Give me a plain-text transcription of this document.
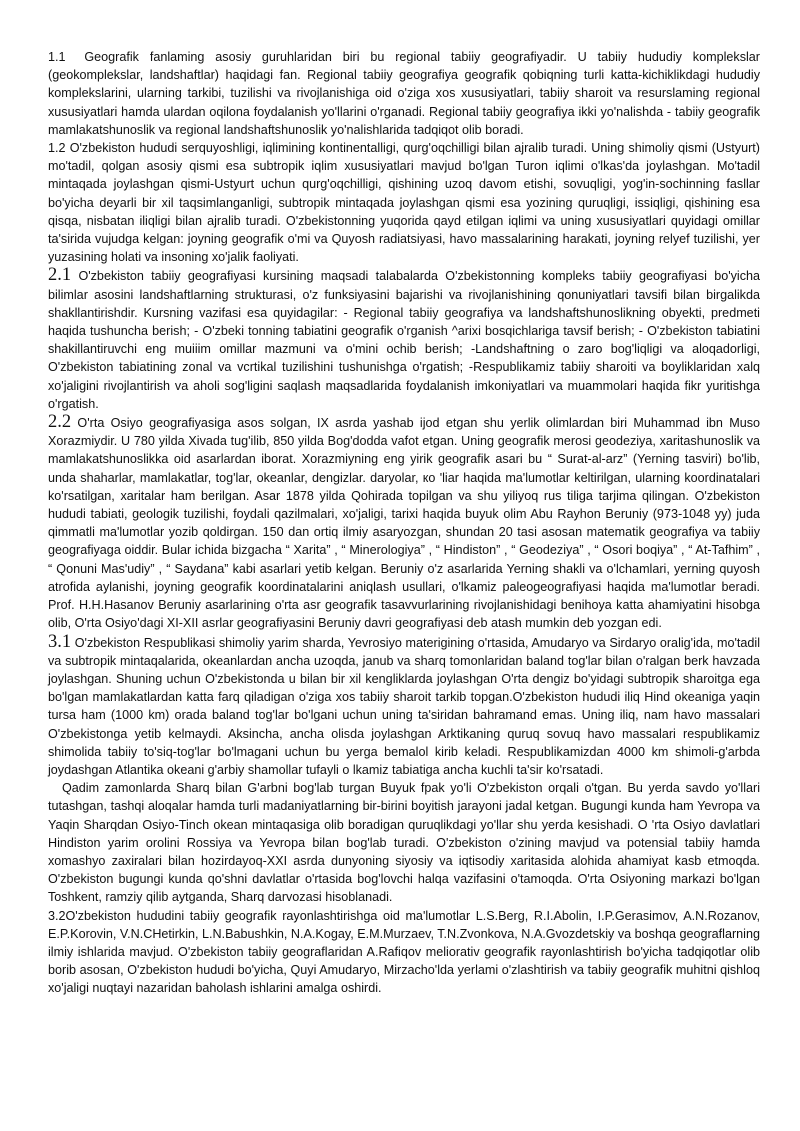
1.1 Geografik fanlaming asosiy guruhlaridan biri bu regional tabiiy geografiyadir. U tabiiy hududiy komplekslar (geokomplekslar, landshaftlar) haqidagi fan. Regional tabiiy geografiya geografik qobiqning turli katta-kichiklikdagi hududiy komplekslarini, ularning tarkibi, tuzilishi va rivojlanishiga oid o'ziga xos xususiyatlari, tabiiy sharoit va resurslaming regional xususiyatlari hamda ulardan oqilona foydalanish yo'llarini o'rganadi. Regional tabiiy geografiya ikki yo'nalishda - tabiiy geografik mamlakatshunoslik va regional landshaftshunoslik yo'nalishlarida tadqiqot olib boradi.

1.2 O'zbekiston hududi serquyoshligi, iqlimining kontinentalligi, qurg'oqchilligi bilan ajralib turadi. Uning shimoliy qismi (Ustyurt) mo'tadil, qolgan asosiy qismi esa subtropik iqlim xususiyatlari mavjud bo'lgan Turon iqlimi o'lkas'da joylashgan. Mo'tadil mintaqada joylashgan qismi-Ustyurt uchun qurg'oqchilligi, qishining uzoq davom etishi, sovuqligi, yog'in-sochinning fasllar bo'yicha deyarli bir xil taqsimlanganligi, subtropik mintaqada joylashgan qismi esa yozining quruqligi, issiqligi, qishining esa qisqa, nisbatan iliqligi bilan ajralib turadi. O'zbekistonning yuqorida qayd etilgan iqlimi va uning xususiyatlari quyidagi omillar ta'sirida vujudga kelgan: joyning geografik o'mi va Quyosh radiatsiyasi, havo massalarining harakati, joyning relyef tuzilishi, yer yuzasining holati va insoning xo'jalik faoliyati.

2.1 O'zbekiston tabiiy geografiyasi kursining maqsadi talabalarda O'zbekistonning kompleks tabiiy geografiyasi bo'yicha bilimlar asosini landshaftlarning strukturasi, o'z funksiyasini bajarishi va rivojlanishining qonuniyatlari tavsifi bilan birgalikda shakllantirishdir. Kursning vazifasi esa quyidagilar: - Regional tabiiy geografiya va landshaftshunoslikning obyekti, predmeti haqida tushuncha berish; - O'zbeki tonning tabiatini geografik o'rganish ^arixi bosqichlariga tavsif berish; - O'zbekiston tabiatini shakillantiruvchi eng muiiim omillar mazmuni va o'mini ochib berish; -Landshaftning o zaro bog'liqligi va aloqadorligi, O'zbekiston tabiatining zonal va vcrtikal tuzilishini tushunishga o'rgatish; -Respublikamiz tabiiy sharoiti va boyliklaridan xalq xo'jaligini rivojlantirish va aholi sog'ligini saqlash maqsadlarida foydalanish imkoniyatlari va muammolari haqida fikr yuritishga o'rgatish.

2.2 O'rta Osiyo geografiyasiga asos solgan, IX asrda yashab ijod etgan shu yerlik olimlardan biri Muhammad ibn Muso Xorazmiydir. U 780 yilda Xivada tug'ilib, 850 yilda Bog'dodda vafot etgan. Uning geografik merosi geodeziya, xaritashunoslik va mamlakatshunoslikka oid asarlardan iborat. Xorazmiyning eng yirik geografik asari bu “ Surat-al-arz” (Yerning tasviri) bo'lib, unda shaharlar, mamlakatlar, tog'lar, okeanlar, dengizlar. daryolar, ко 'liar haqida ma'lumotlar keltirilgan, ularning koordinatalari ko'rsatilgan, xaritalar ham berilgan. Asar 1878 yilda Qohirada topilgan va shu yiliyoq rus tiliga tarjima qilingan. O'zbekiston hududi tabiati, geologik tuzilishi, foydali qazilmalari, xo'jaligi, tarixi haqida buyuk olim Abu Rayhon Beruniy (973-1048 yy) juda qimmatli ma'lumotlar yozib qoldirgan. 150 dan ortiq ilmiy asaryozgan, shundan 20 tasi asosan matematik geografiya va tabiiy geografiyaga oiddir. Bular ichida bizgacha “ Xarita” , “ Minerologiya” , “ Hindiston” , “ Geodeziya” , “ Osori boqiya” , “ At-Tafhim” , “ Qonuni Mas'udiy” , “ Saydana” kabi asarlari yetib kelgan. Beruniy o'z asarlarida Yerning shakli va o'lchamlari, yerning quyosh atrofida aylanishi, joyning geografik koordinatalarini aniqlash usullari, o'lkamiz paleogeografiyasi haqida ma'lumotlar beradi. Prof. H.H.Hasanov Beruniy asarlarining o'rta asr geografik tasavvurlarining rivojlanishidagi benihoya katta ahamiyatini hisobga olib, O'rta Osiyo'dagi XI-XII asrlar geografiyasini Beruniy davri geografiyasi deb atash mumkin deb yozgan edi.

3.1 O'zbekiston Respublikasi shimoliy yarim sharda, Yevrosiyo materigining o'rtasida, Amudaryo va Sirdaryo oralig'ida, mo'tadil va subtropik mintaqalarida, okeanlardan ancha uzoqda, janub va sharq tomonlaridan baland tog'lar bilan o'ralgan berk havzada joylashgan. Shuning uchun O'zbekistonda u bilan bir xil kengliklarda joylashgan O'rta dengiz bo'yidagi subtropik sharoitga ega bo'lgan mamlakatlardan katta farq qiladigan o'ziga xos tabiiy sharoit tarkib topgan.O'zbekiston hududi iliq Hind okeaniga yaqin tursa ham (1000 km) orada baland tog'lar bo'lgani uchun uning ta'siridan bahramand emas. Uning iliq, nam havo massalari O'zbekistonga yetib kelmaydi. Aksincha, ancha olisda joylashgan Arktikaning quruq sovuq havo massalari respublikamiz shimolida tabiiy to'siq-tog'lar bo'lmagani uchun bu yerga bemalol kirib keladi. Respublikamizdan 4000 km shimoli-g'arbda joydashgan Atlantika okeani g'arbiy shamollar tufayli o lkamiz tabiatiga ancha kuchli ta'sir ko'rsatadi.

Qadim zamonlarda Sharq bilan G'arbni bog'lab turgan Buyuk fpak yo'li O'zbekiston orqali o'tgan. Bu yerda savdo yo'llari tutashgan, tashqi aloqalar hamda turli madaniyatlarning bir-birini boyitish jarayoni jadal ketgan. Bugungi kunda ham Yevropa va Yaqin Sharqdan Osiyo-Tinch okean mintaqasiga olib boradigan quruqlikdagi yo'llar shu yerda kesishadi. O 'rta Osiyo davlatlari Hindiston yarim orolini Rossiya va Yevropa bilan bog'lab turadi. O'zbekiston o'zining mavjud va potensial tabiiy hamda xomashyo zaxiralari bilan hozirdayoq-XXI asrda dunyoning siyosiy va iqtisodiy xaritasida alohida ahamiyat kasb etmoqda. O'zbekiston bugungi kunda qo'shni davlatlar o'rtasida bog'lovchi halqa vazifasini o'tamoqda. O'rta Osiyoning markazi bo'lgan Toshkent, ramziy qilib aytganda, Sharq darvozasi hisoblanadi.

3.2O'zbekiston hududini tabiiy geografik rayonlashtirishga oid ma'lumotlar L.S.Berg, R.I.Abolin, I.P.Gerasimov, A.N.Rozanov, E.P.Korovin, V.N.CHetirkin, L.N.Babushkin, N.A.Kogay, E.M.Murzaev, T.N.Zvonkova, N.A.Gvozdetskiy va boshqa geograflarning ilmiy ishlarida mavjud. O'zbekiston tabiiy geograflaridan A.Rafiqov meliorativ geografik rayonlashtirish bo'yicha tadqiqotlar olib borib asosan, O'zbekiston hududi bo'yicha, Quyi Amudaryo, Mirzacho'lda yerlami o'zlashtirish va tabiiy geografik muhitni qishloq xo'jaligi nuqtayi nazaridan baholash ishlarini amalga oshirdi.
